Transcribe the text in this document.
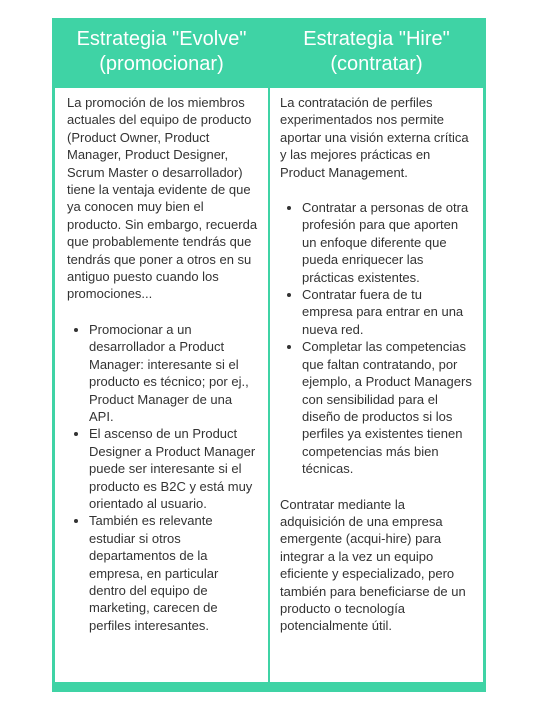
Estrategia "Evolve"
(promocionar)

La promoción de los miembros actuales del equipo de producto (Product Owner, Product Manager, Product Designer, Scrum Master o desarrollador) tiene la ventaja evidente de que ya conocen muy bien el producto. Sin embargo, recuerda que probablemente tendrás que tendrás que poner a otros en su antiguo puesto cuando los promociones...

• Promocionar a un desarrollador a Product Manager: interesante si el producto es técnico; por ej., Product Manager de una API.
• El ascenso de un Product Designer a Product Manager puede ser interesante si el producto es B2C y está muy orientado al usuario.
• También es relevante estudiar si otros departamentos de la empresa, en particular dentro del equipo de marketing, carecen de perfiles interesantes.
Estrategia "Hire"
(contratar)

La contratación de perfiles experimentados nos permite aportar una visión externa crítica y las mejores prácticas en Product Management.

• Contratar a personas de otra profesión para que aporten un enfoque diferente que pueda enriquecer las prácticas existentes.
• Contratar fuera de tu empresa para entrar en una nueva red.
• Completar las competencias que faltan contratando, por ejemplo, a Product Managers con sensibilidad para el diseño de productos si los perfiles ya existentes tienen competencias más bien técnicas.

Contratar mediante la adquisición de una empresa emergente (acqui-hire) para integrar a la vez un equipo eficiente y especializado, pero también para beneficiarse de un producto o tecnología potencialmente útil.
